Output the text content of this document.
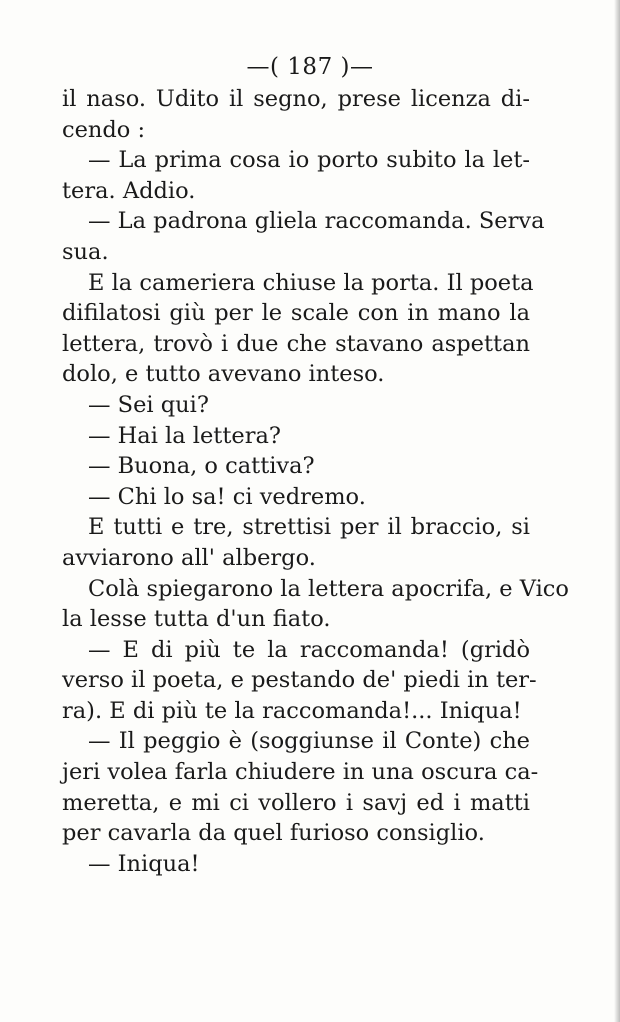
—( 187 )—
il naso. Udito il segno, prese licenza di-
cendo :
— La prima cosa io porto subito la let-
tera. Addio.
— La padrona gliela raccomanda. Serva
sua.
E la cameriera chiuse la porta. Il poeta
difilatosi giù per le scale con in mano la
lettera, trovò i due che stavano aspettan
dolo, e tutto avevano inteso.
— Sei qui?
— Hai la lettera?
— Buona, o cattiva?
— Chi lo sa! ci vedremo.
E tutti e tre, strettisi per il braccio, si
avviarono all' albergo.
Colà spiegarono la lettera apocrifa, e Vico
la lesse tutta d'un fiato.
— E di più te la raccomanda! (gridò
verso il poeta, e pestando de' piedi in ter-
ra). E di più te la raccomanda!... Iniqua!
— Il peggio è (soggiunse il Conte) che
jeri volea farla chiudere in una oscura ca-
meretta, e mi ci vollero i savj ed i matti
per cavarla da quel furioso consiglio.
— Iniqua!
